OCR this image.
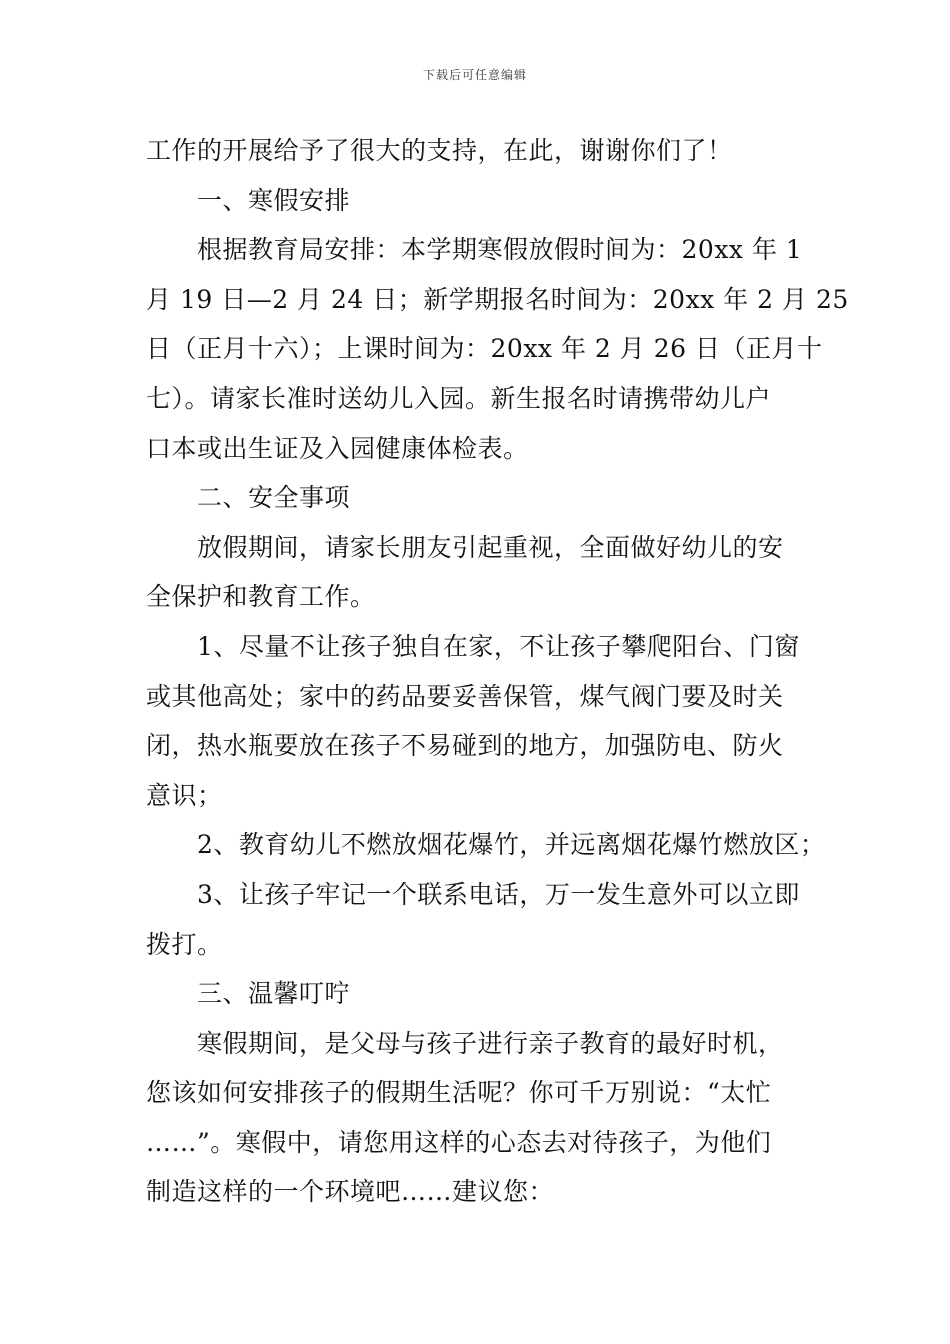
下载后可任意编辑
工作的开展给予了很大的支持，在此，谢谢你们了！
一、寒假安排
根据教育局安排：本学期寒假放假时间为：20xx 年 1
月 19 日—2 月 24 日；新学期报名时间为：20xx 年 2 月 25
日（正月十六）；上课时间为：20xx 年 2 月 26 日（正月十
七）。请家长准时送幼儿入园。新生报名时请携带幼儿户
口本或出生证及入园健康体检表。
二、安全事项
放假期间，请家长朋友引起重视，全面做好幼儿的安
全保护和教育工作。
1、尽量不让孩子独自在家，不让孩子攀爬阳台、门窗
或其他高处；家中的药品要妥善保管，煤气阀门要及时关
闭，热水瓶要放在孩子不易碰到的地方，加强防电、防火
意识；
2、教育幼儿不燃放烟花爆竹，并远离烟花爆竹燃放区；
3、让孩子牢记一个联系电话，万一发生意外可以立即
拨打。
三、温馨叮咛
寒假期间，是父母与孩子进行亲子教育的最好时机，
您该如何安排孩子的假期生活呢？你可千万别说：“太忙
……”。寒假中，请您用这样的心态去对待孩子，为他们
制造这样的一个环境吧……建议您：
